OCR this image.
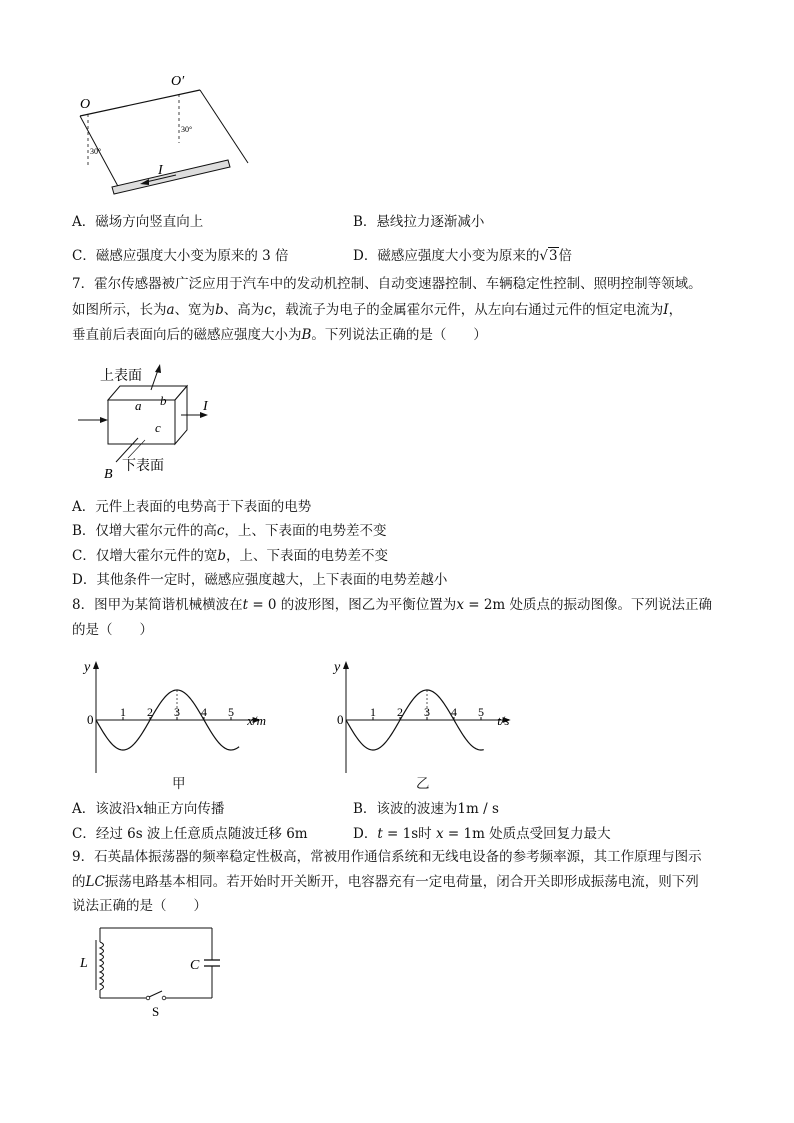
O
O′
30°
30°
I
A．磁场方向竖直向上	B．悬线拉力逐渐减小
C．磁感应强度大小变为原来的 3 倍	D．磁感应强度大小变为原来的√3倍
7．霍尔传感器被广泛应用于汽车中的发动机控制、自动变速器控制、车辆稳定性控制、照明控制等领域。
如图所示，长为a、宽为b、高为c，载流子为电子的金属霍尔元件，从左向右通过元件的恒定电流为I，
垂直前后表面向后的磁感应强度大小为B。下列说法正确的是（　　）
上表面
下表面
a b
c
I
B
A．元件上表面的电势高于下表面的电势
B．仅增大霍尔元件的高c，上、下表面的电势差不变
C．仅增大霍尔元件的宽b，上、下表面的电势差不变
D．其他条件一定时，磁感应强度越大，上下表面的电势差越小
8．图甲为某简谐机械横波在t = 0 的波形图，图乙为平衡位置为x = 2m 处质点的振动图像。下列说法正确
的是（　　）
y
0 1 2 3 4 5
x/m
y
0 1 2 3 4 5
t/s
甲	乙
A．该波沿x轴正方向传播	B．该波的波速为1m / s
C．经过 6s 波上任意质点随波迁移 6m	D．t = 1s时 x = 1m 处质点受回复力最大
9．石英晶体振荡器的频率稳定性极高，常被用作通信系统和无线电设备的参考频率源，其工作原理与图示
的LC振荡电路基本相同。若开始时开关断开，电容器充有一定电荷量，闭合开关即形成振荡电流，则下列
说法正确的是（　　）
L	C
S
